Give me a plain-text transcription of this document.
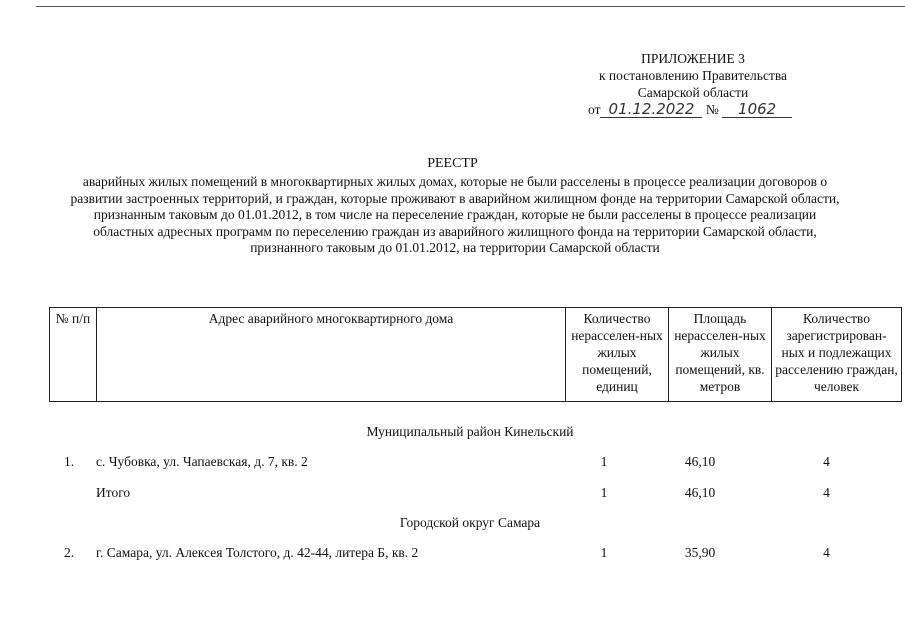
ПРИЛОЖЕНИЕ 3
к постановлению Правительства
Самарской области
от 01.12.2022 № 1062
РЕЕСТР
аварийных жилых помещений в многоквартирных жилых домах, которые не были расселены в процессе реализации договоров о развитии застроенных территорий, и граждан, которые проживают в аварийном жилищном фонде на территории Самарской области, признанным таковым до 01.01.2012, в том числе на переселение граждан, которые не были расселены в процессе реализации областных адресных программ по переселению граждан из аварийного жилищного фонда на территории Самарской области, признанного таковым до 01.01.2012, на территории Самарской области
№ п/п	Адрес аварийного многоквартирного дома	Количество нерасселен-ных жилых помещений, единиц	Площадь нерасселен-ных жилых помещений, кв. метров	Количество зарегистрирован-ных и подлежащих расселению граждан, человек
Муниципальный район Кинельский
1. с. Чубовка, ул. Чапаевская, д. 7, кв. 2	1	46,10	4
Итого	1	46,10	4
Городской округ Самара
2. г. Самара, ул. Алексея Толстого, д. 42-44, литера Б, кв. 2	1	35,90	4
